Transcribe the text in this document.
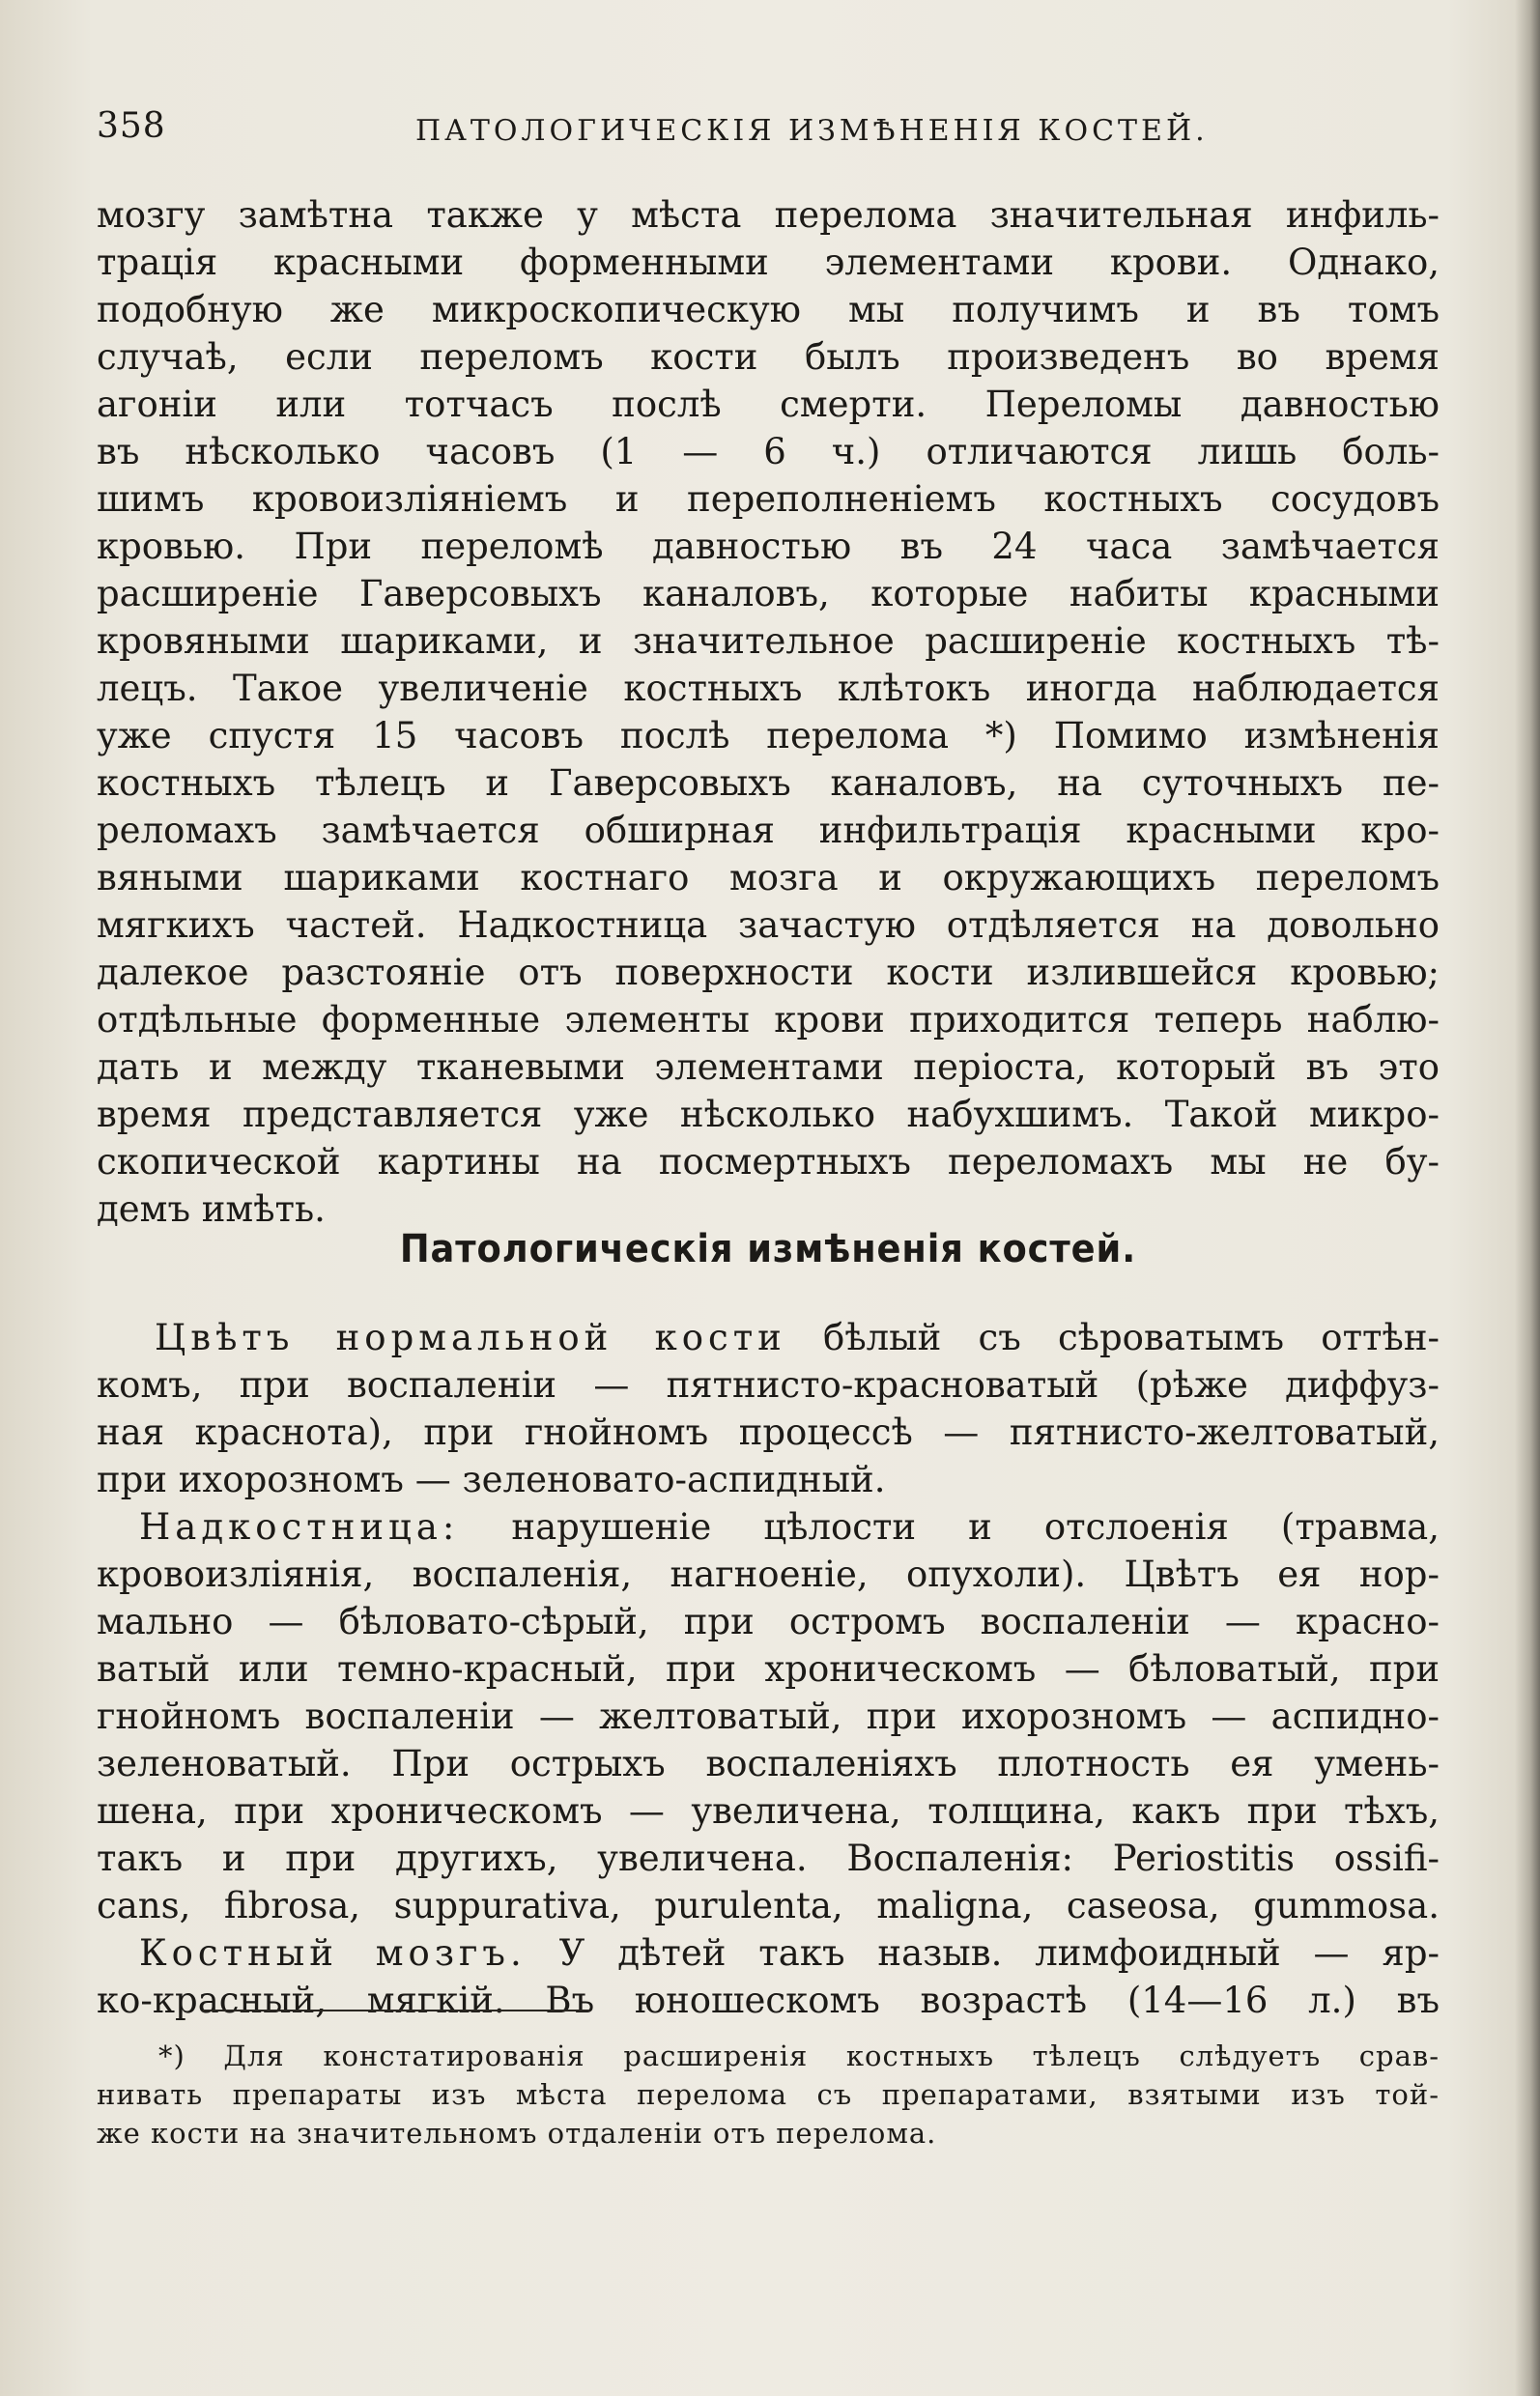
358	ПАТОЛОГИЧЕСКІЯ ИЗМѢНЕНІЯ КОСТЕЙ.
мозгу замѣтна также у мѣста перелома значительная инфиль-
трація красными форменными элементами крови. Однако,
подобную же микроскопическую мы получимъ и въ томъ
случаѣ, если переломъ кости былъ произведенъ во время
агоніи или тотчасъ послѣ смерти. Переломы давностью
въ нѣсколько часовъ (1 — 6 ч.) отличаются лишь боль-
шимъ кровоизліяніемъ и переполненіемъ костныхъ сосудовъ
кровью. При переломѣ давностью въ 24 часа замѣчается
расширеніе Гаверсовыхъ каналовъ, которые набиты красными
кровяными шариками, и значительное расширеніе костныхъ тѣ-
лецъ. Такое увеличеніе костныхъ клѣтокъ иногда наблюдается
уже спустя 15 часовъ послѣ перелома *) Помимо измѣненія
костныхъ тѣлецъ и Гаверсовыхъ каналовъ, на суточныхъ пе-
реломахъ замѣчается обширная инфильтрація красными кро-
вяными шариками костнаго мозга и окружающихъ переломъ
мягкихъ частей. Надкостница зачастую отдѣляется на довольно
далекое разстояніе отъ поверхности кости излившейся кровью;
отдѣльные форменные элементы крови приходится теперь наблю-
дать и между тканевыми элементами періоста, который въ это
время представляется уже нѣсколько набухшимъ. Такой микро-
скопической картины на посмертныхъ переломахъ мы не бу-
демъ имѣть.
Патологическія измѣненія костей.
Цвѣтъ нормальной кости бѣлый съ сѣроватымъ оттѣн-
комъ, при воспаленіи — пятнисто-красноватый (рѣже диффуз-
ная краснота), при гнойномъ процессѣ — пятнисто-желтоватый,
при ихорозномъ — зеленовато-аспидный.
Надкостница: нарушеніе цѣлости и отслоенія (травма,
кровоизліянія, воспаленія, нагноеніе, опухоли). Цвѣтъ ея нор-
мально — бѣловато-сѣрый, при остромъ воспаленіи — красно-
ватый или темно-красный, при хроническомъ — бѣловатый, при
гнойномъ воспаленіи — желтоватый, при ихорозномъ — аспидно-
зеленоватый. При острыхъ воспаленіяхъ плотность ея умень-
шена, при хроническомъ — увеличена, толщина, какъ при тѣхъ,
такъ и при другихъ, увеличена. Воспаленія: Periostitis ossifi-
cans, fibrosa, suppurativa, purulenta, maligna, caseosa, gummosa.
Костный мозгъ. У дѣтей такъ назыв. лимфоидный — яр-
ко-красный, мягкій. Въ юношескомъ возрастѣ (14—16 л.) въ
*) Для констатированія расширенія костныхъ тѣлецъ слѣдуетъ срав-
нивать препараты изъ мѣста перелома съ препаратами, взятыми изъ той-
же кости на значительномъ отдаленіи отъ перелома.
